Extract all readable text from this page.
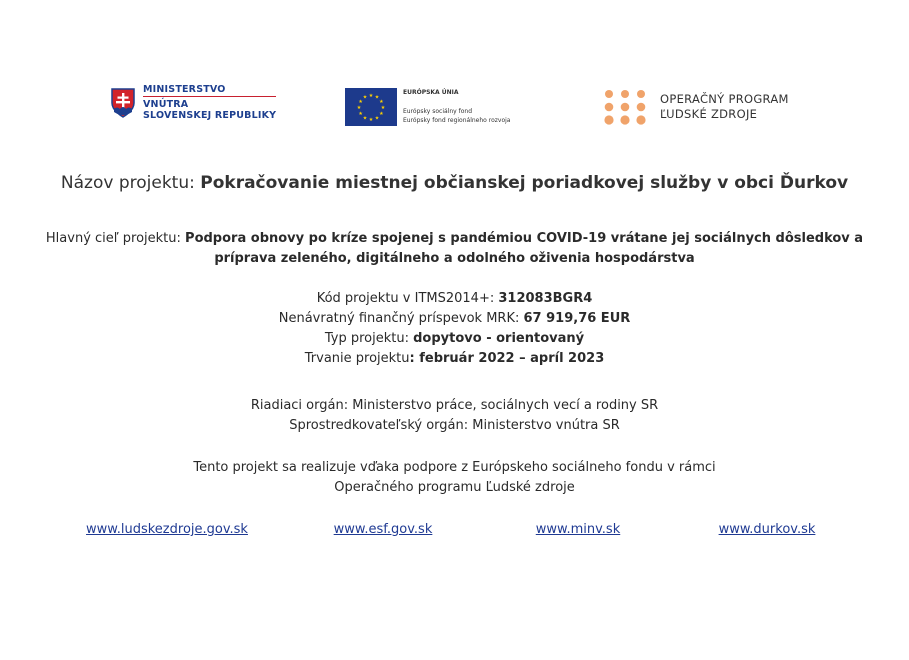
MINISTERSTVO
VNÚTRA
SLOVENSKEJ REPUBLIKY
★ ★
★
★
★
★
★
★
★
★
★
★
EURÓPSKA ÚNIA
Európsky sociálny fond
Európsky fond regionálneho rozvoja
OPERAČNÝ PROGRAM
ĽUDSKÉ ZDROJE
Názov projektu: Pokračovanie miestnej občianskej poriadkovej služby v obci Ďurkov
Hlavný cieľ projektu: Podpora obnovy po kríze spojenej s pandémiou COVID-19 vrátane jej sociálnych dôsledkov a
príprava zeleného, digitálneho a odolného oživenia hospodárstva
Kód projektu v ITMS2014+: 312083BGR4
Nenávratný finančný príspevok MRK: 67 919,76 EUR
Typ projektu: dopytovo - orientovaný
Trvanie projektu: február 2022 – apríl 2023
Riadiaci orgán: Ministerstvo práce, sociálnych vecí a rodiny SR
Sprostredkovateľský orgán: Ministerstvo vnútra SR
Tento projekt sa realizuje vďaka podpore z Európskeho sociálneho fondu v rámci
Operačného programu Ľudské zdroje
www.ludskezdroje.gov.sk	www.esf.gov.sk	www.minv.sk	www.durkov.sk
